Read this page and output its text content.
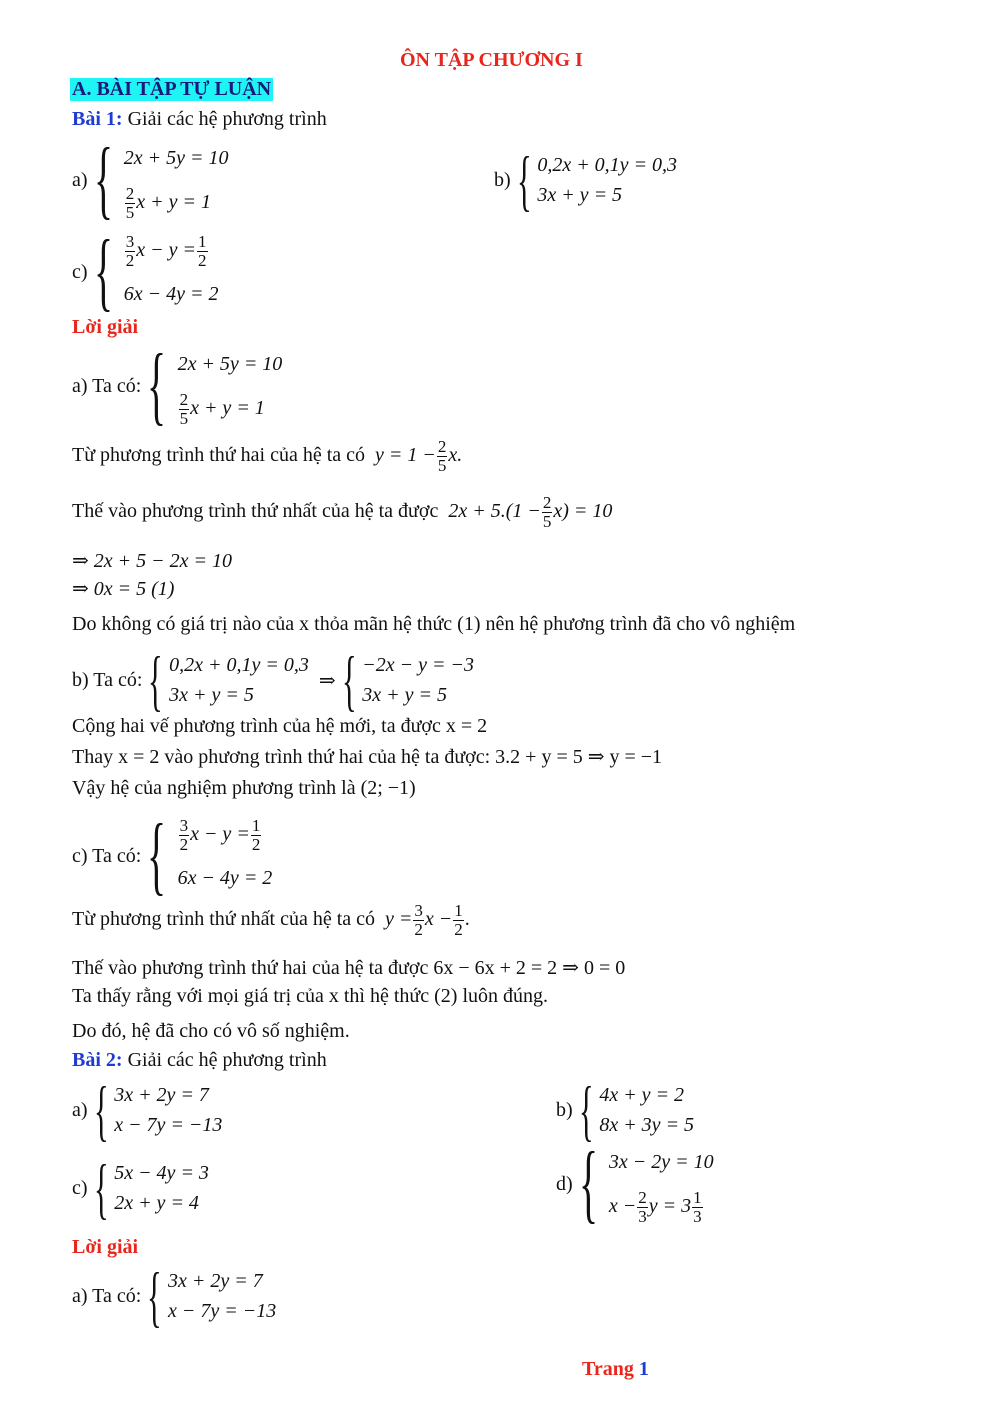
ÔN TẬP CHƯƠNG I
A. BÀI TẬP TỰ LUẬN
Bài 1: Giải các hệ phương trình
a) { 2x + 5y = 10
$\frac{2}{5}$ x + y = 1
b) { 0,2x + 0,1y = 0,3
3x + y = 5
c) { $\frac{3}{2}$ $x - y = \frac{1}{2}$
6x − 4y = 2
Lời giải
a) Ta có: { 2x + 5y = 10
$\frac{2}{5}$ x + y = 1
Từ phương trình thứ hai của hệ ta có $y = 1 - \frac{2}{5} x$.
Thế vào phương trình thứ nhất của hệ ta được $2x + 5.(1 - \frac{2}{5} x) = 10$
⇒ 2x + 5 − 2x = 10
⇒ 0x = 5 (1)
Do không có giá trị nào của x thỏa mãn hệ thức (1) nên hệ phương trình đã cho vô nghiệm
b) Ta có: { 0,2x + 0,1y = 0,3
3x + y = 5
⇒ { −2x − y = −3
3x + y = 5
Cộng hai vế phương trình của hệ mới, ta được x = 2
Thay x = 2 vào phương trình thứ hai của hệ ta được: 3.2 + y = 5 ⇒ y = −1
Vậy hệ của nghiệm phương trình là (2; −1)
c) Ta có: { $\frac{3}{2}$ $x - y = \frac{1}{2}$
6x − 4y = 2
Từ phương trình thứ nhất của hệ ta có $y = \frac{3}{2}$ $x - \frac{1}{2}$ .
Thế vào phương trình thứ hai của hệ ta được 6x − 6x + 2 = 2 ⇒ 0 = 0
Ta thấy rằng với mọi giá trị của x thì hệ thức (2) luôn đúng.
Do đó, hệ đã cho có vô số nghiệm.
Bài 2: Giải các hệ phương trình
a) { 3x + 2y = 7
x − 7y = −13
b) { 4x + y = 2
8x + 3y = 5
c) { 5x − 4y = 3
2x + y = 4
d) { 3x − 2y = 10
$x - \frac{2}{3}$ $y = 3 \frac{1}{3}$
Lời giải
a) Ta có: { 3x + 2y = 7
x − 7y = −13
Trang 1
